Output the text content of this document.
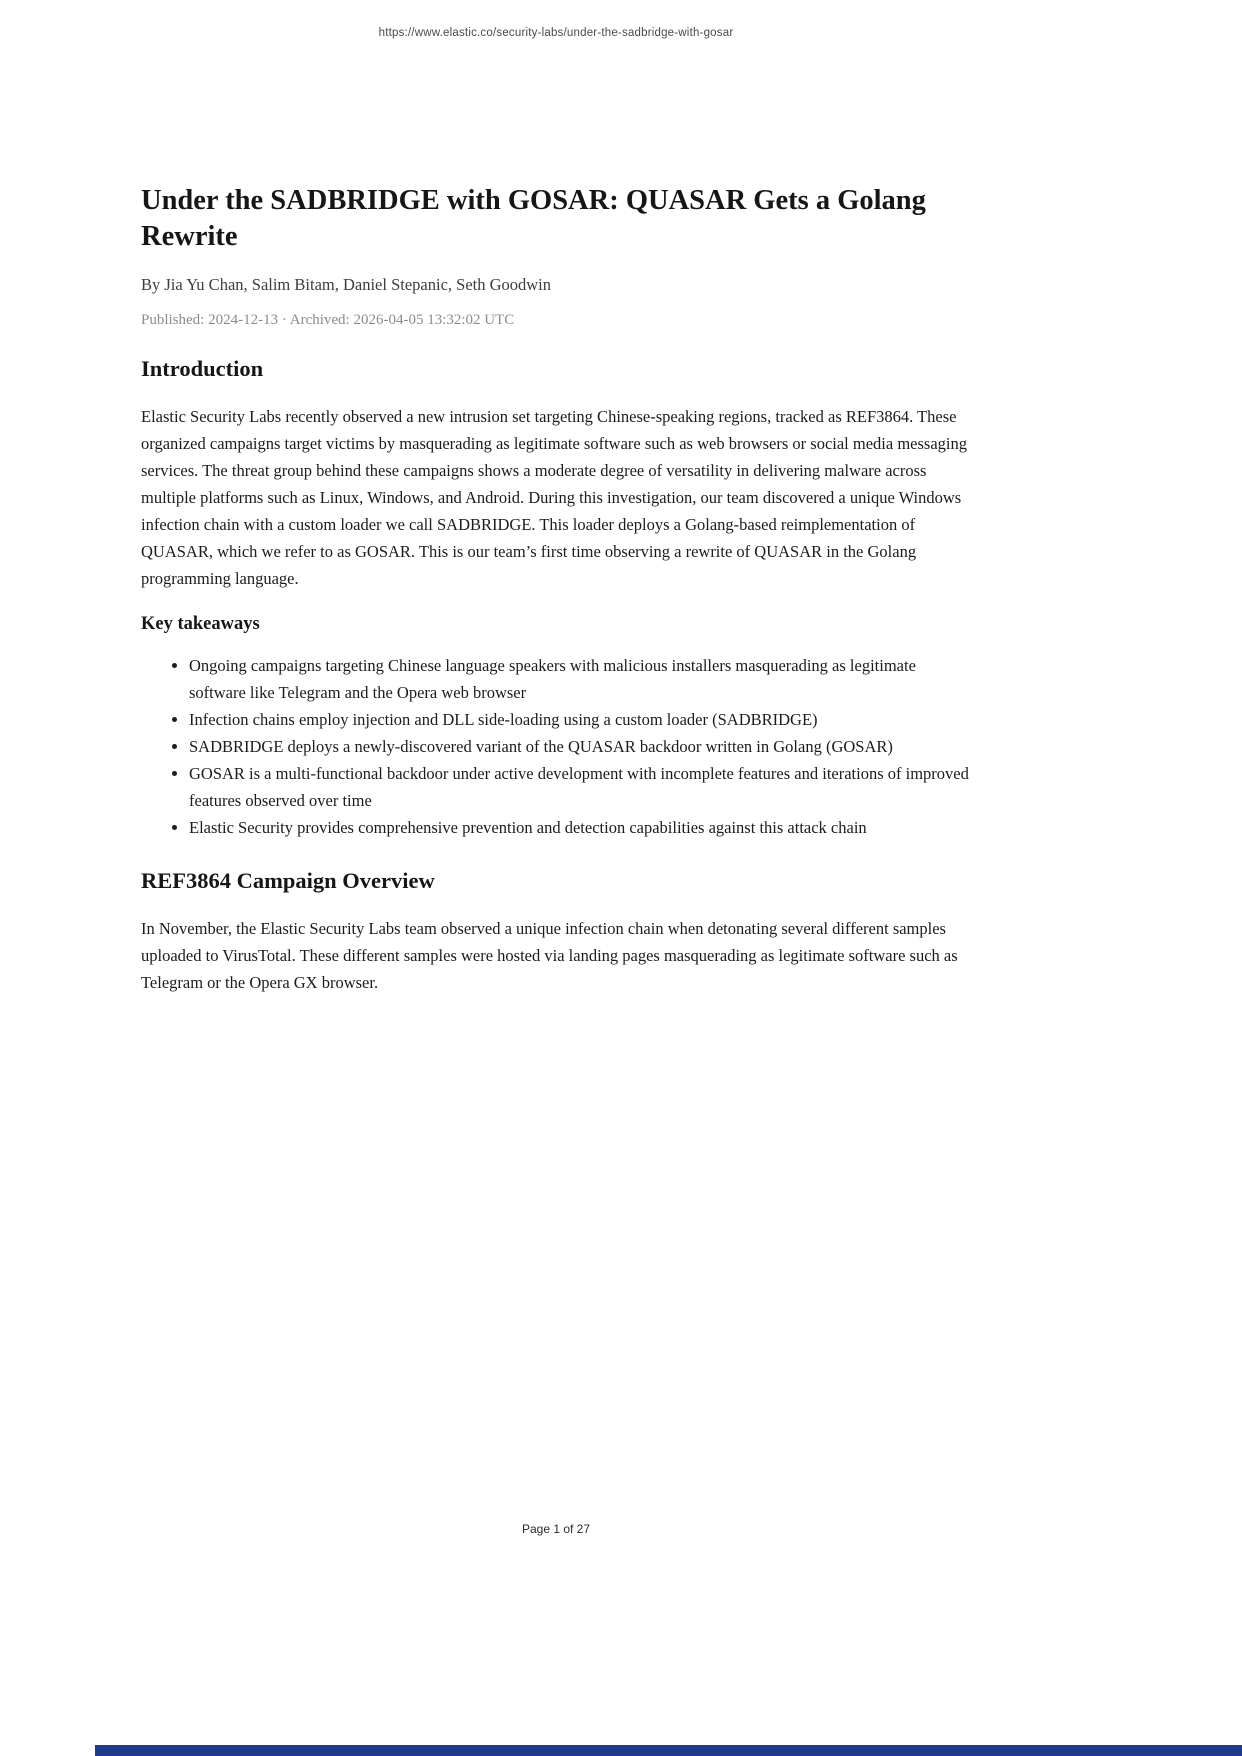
https://www.elastic.co/security-labs/under-the-sadbridge-with-gosar
Under the SADBRIDGE with GOSAR: QUASAR Gets a Golang Rewrite

By Jia Yu Chan, Salim Bitam, Daniel Stepanic, Seth Goodwin

Published: 2024-12-13 · Archived: 2026-04-05 13:32:02 UTC

Introduction

Elastic Security Labs recently observed a new intrusion set targeting Chinese-speaking regions, tracked as REF3864. These organized campaigns target victims by masquerading as legitimate software such as web browsers or social media messaging services. The threat group behind these campaigns shows a moderate degree of versatility in delivering malware across multiple platforms such as Linux, Windows, and Android. During this investigation, our team discovered a unique Windows infection chain with a custom loader we call SADBRIDGE. This loader deploys a Golang-based reimplementation of QUASAR, which we refer to as GOSAR. This is our team’s first time observing a rewrite of QUASAR in the Golang programming language.

Key takeaways
• Ongoing campaigns targeting Chinese language speakers with malicious installers masquerading as legitimate software like Telegram and the Opera web browser
• Infection chains employ injection and DLL side-loading using a custom loader (SADBRIDGE)
• SADBRIDGE deploys a newly-discovered variant of the QUASAR backdoor written in Golang (GOSAR)
• GOSAR is a multi-functional backdoor under active development with incomplete features and iterations of improved features observed over time
• Elastic Security provides comprehensive prevention and detection capabilities against this attack chain
REF3864 Campaign Overview

In November, the Elastic Security Labs team observed a unique infection chain when detonating several different samples uploaded to VirusTotal. These different samples were hosted via landing pages masquerading as legitimate software such as Telegram or the Opera GX browser.

Page 1 of 27
